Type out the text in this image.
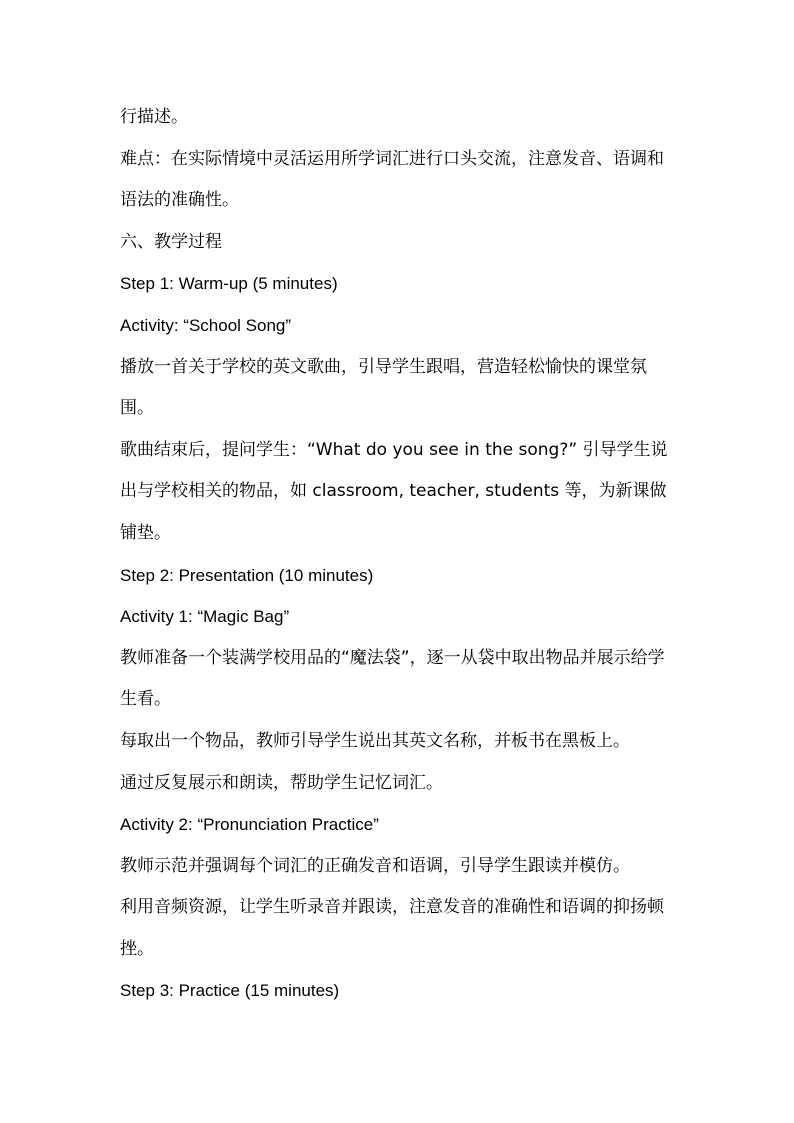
行描述。

难点：在实际情境中灵活运用所学词汇进行口头交流，注意发音、语调和语法的准确性。

六、教学过程

Step 1: Warm-up (5 minutes)

Activity: “School Song”

播放一首关于学校的英文歌曲，引导学生跟唱，营造轻松愉快的课堂氛围。

歌曲结束后，提问学生：“What do you see in the song?” 引导学生说出与学校相关的物品，如 classroom, teacher, students 等，为新课做铺垫。

Step 2: Presentation (10 minutes)

Activity 1: “Magic Bag”

教师准备一个装满学校用品的“魔法袋”，逐一从袋中取出物品并展示给学生看。

每取出一个物品，教师引导学生说出其英文名称，并板书在黑板上。

通过反复展示和朗读，帮助学生记忆词汇。

Activity 2: “Pronunciation Practice”

教师示范并强调每个词汇的正确发音和语调，引导学生跟读并模仿。

利用音频资源，让学生听录音并跟读，注意发音的准确性和语调的抑扬顿挫。

Step 3: Practice (15 minutes)
